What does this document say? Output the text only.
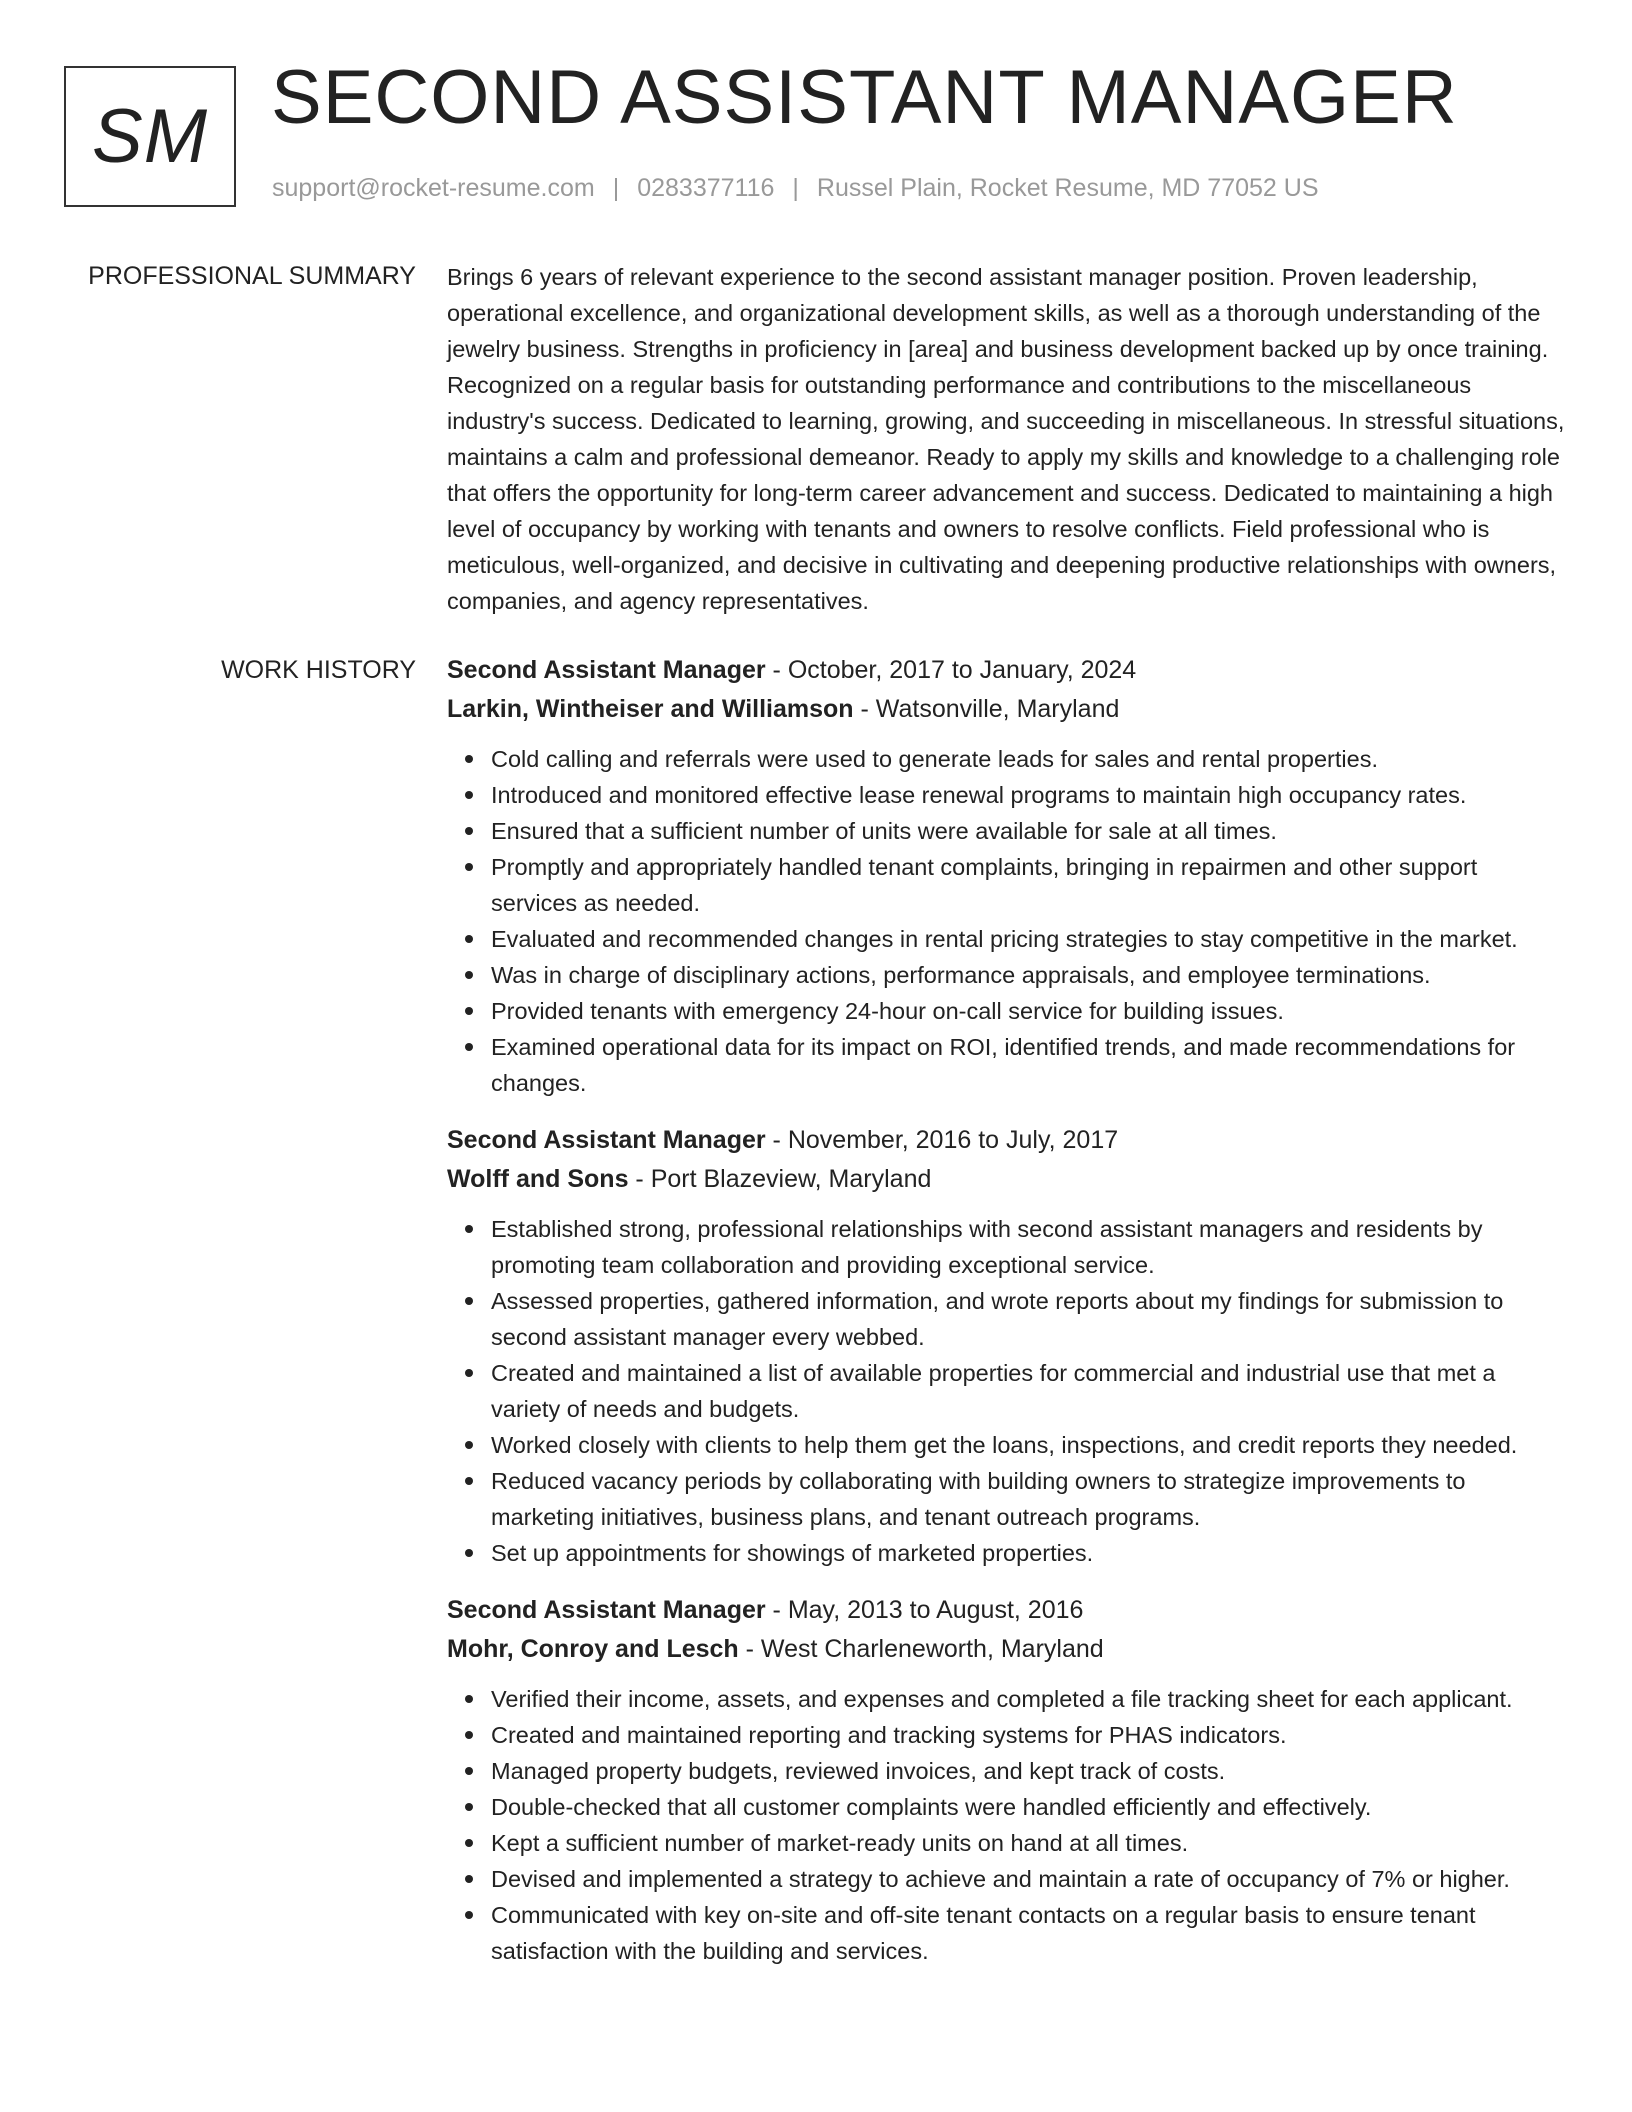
SM SECOND ASSISTANT MANAGER
support@rocket-resume.com | 0283377116 | Russel Plain, Rocket Resume, MD 77052 US
PROFESSIONAL SUMMARY Brings 6 years of relevant experience to the second assistant manager position. Proven leadership, operational excellence, and organizational development skills, as well as a thorough understanding of the jewelry business. Strengths in proficiency in [area] and business development backed up by once training. Recognized on a regular basis for outstanding performance and contributions to the miscellaneous industry's success. Dedicated to learning, growing, and succeeding in miscellaneous. In stressful situations, maintains a calm and professional demeanor. Ready to apply my skills and knowledge to a challenging role that offers the opportunity for long-term career advancement and success. Dedicated to maintaining a high level of occupancy by working with tenants and owners to resolve conflicts. Field professional who is meticulous, well-organized, and decisive in cultivating and deepening productive relationships with owners, companies, and agency representatives.
WORK HISTORY Second Assistant Manager - October, 2017 to January, 2024
Larkin, Wintheiser and Williamson - Watsonville, Maryland
Cold calling and referrals were used to generate leads for sales and rental properties.
Introduced and monitored effective lease renewal programs to maintain high occupancy rates.
Ensured that a sufficient number of units were available for sale at all times.
Promptly and appropriately handled tenant complaints, bringing in repairmen and other support services as needed.
Evaluated and recommended changes in rental pricing strategies to stay competitive in the market.
Was in charge of disciplinary actions, performance appraisals, and employee terminations.
Provided tenants with emergency 24-hour on-call service for building issues.
Examined operational data for its impact on ROI, identified trends, and made recommendations for changes.
Second Assistant Manager - November, 2016 to July, 2017
Wolff and Sons - Port Blazeview, Maryland
Established strong, professional relationships with second assistant managers and residents by promoting team collaboration and providing exceptional service.
Assessed properties, gathered information, and wrote reports about my findings for submission to second assistant manager every webbed.
Created and maintained a list of available properties for commercial and industrial use that met a variety of needs and budgets.
Worked closely with clients to help them get the loans, inspections, and credit reports they needed.
Reduced vacancy periods by collaborating with building owners to strategize improvements to marketing initiatives, business plans, and tenant outreach programs.
Set up appointments for showings of marketed properties.
Second Assistant Manager - May, 2013 to August, 2016
Mohr, Conroy and Lesch - West Charleneworth, Maryland
Verified their income, assets, and expenses and completed a file tracking sheet for each applicant.
Created and maintained reporting and tracking systems for PHAS indicators.
Managed property budgets, reviewed invoices, and kept track of costs.
Double-checked that all customer complaints were handled efficiently and effectively.
Kept a sufficient number of market-ready units on hand at all times.
Devised and implemented a strategy to achieve and maintain a rate of occupancy of 7% or higher.
Communicated with key on-site and off-site tenant contacts on a regular basis to ensure tenant satisfaction with the building and services.
